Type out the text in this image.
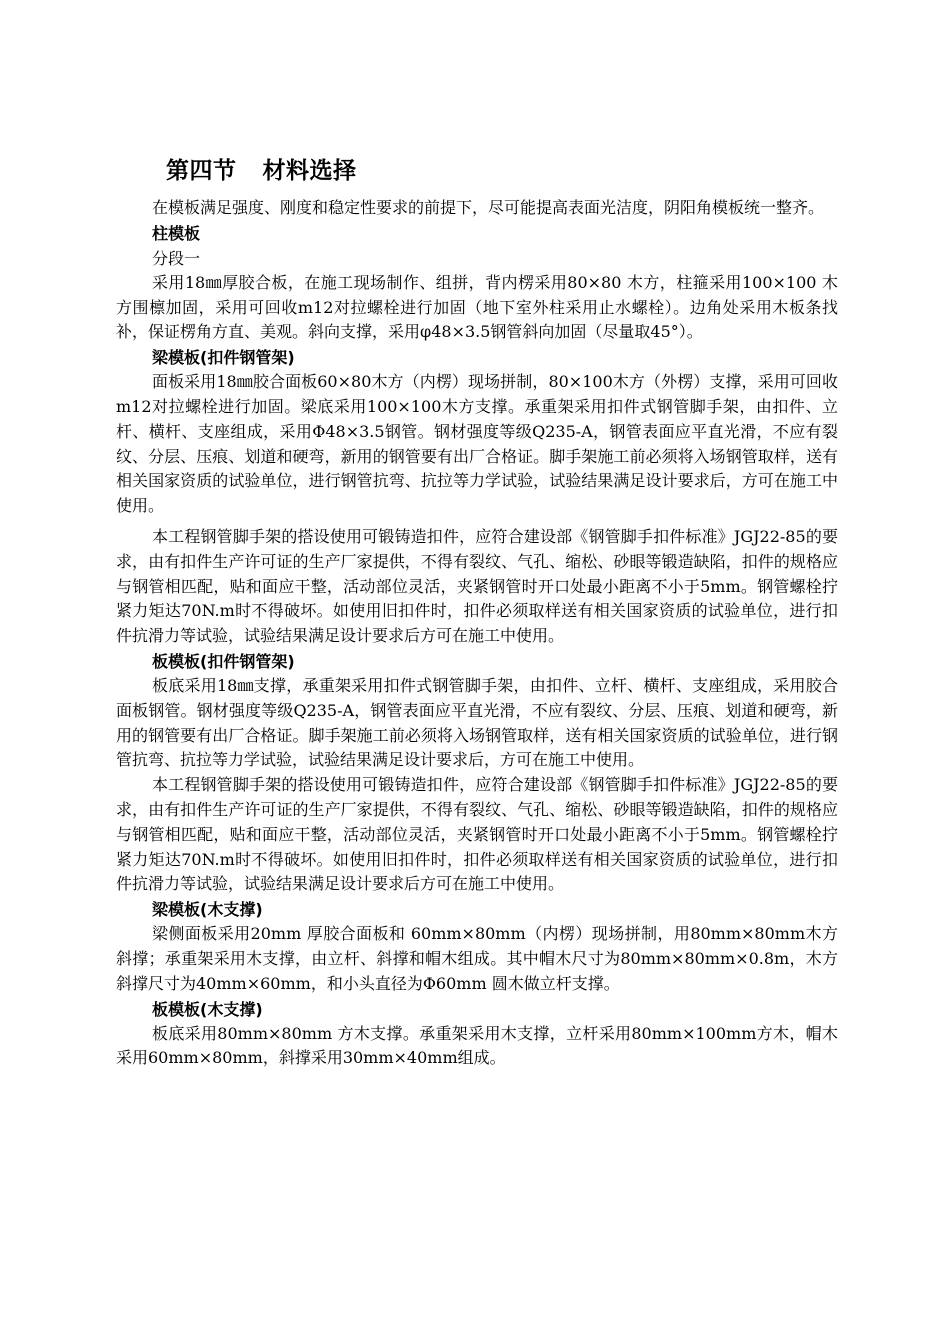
第四节 材料选择

在模板满足强度、刚度和稳定性要求的前提下，尽可能提高表面光洁度，阴阳角模板统一整齐。

柱模板

分段一

采用18㎜厚胶合板，在施工现场制作、组拼，背内楞采用80×80 木方，柱箍采用100×100 木方围檩加固，采用可回收m12对拉螺栓进行加固（地下室外柱采用止水螺栓）。边角处采用木板条找补，保证楞角方直、美观。斜向支撑，采用φ48×3.5钢管斜向加固（尽量取45°）。

梁模板(扣件钢管架)

面板采用18㎜胶合面板60×80木方（内楞）现场拼制，80×100木方（外楞）支撑，采用可回收m12对拉螺栓进行加固。梁底采用100×100木方支撑。承重架采用扣件式钢管脚手架，由扣件、立杆、横杆、支座组成，采用Φ48×3.5钢管。钢材强度等级Q235-A，钢管表面应平直光滑，不应有裂纹、分层、压痕、划道和硬弯，新用的钢管要有出厂合格证。脚手架施工前必须将入场钢管取样，送有相关国家资质的试验单位，进行钢管抗弯、抗拉等力学试验，试验结果满足设计要求后，方可在施工中使用。

本工程钢管脚手架的搭设使用可锻铸造扣件，应符合建设部《钢管脚手扣件标准》JGJ22-85的要求，由有扣件生产许可证的生产厂家提供，不得有裂纹、气孔、缩松、砂眼等锻造缺陷，扣件的规格应与钢管相匹配，贴和面应干整，活动部位灵活，夹紧钢管时开口处最小距离不小于5mm。钢管螺栓拧紧力矩达70N.m时不得破坏。如使用旧扣件时，扣件必须取样送有相关国家资质的试验单位，进行扣件抗滑力等试验，试验结果满足设计要求后方可在施工中使用。

板模板(扣件钢管架)

板底采用18㎜支撑，承重架采用扣件式钢管脚手架，由扣件、立杆、横杆、支座组成，采用胶合面板钢管。钢材强度等级Q235-A，钢管表面应平直光滑，不应有裂纹、分层、压痕、划道和硬弯，新用的钢管要有出厂合格证。脚手架施工前必须将入场钢管取样，送有相关国家资质的试验单位，进行钢管抗弯、抗拉等力学试验，试验结果满足设计要求后，方可在施工中使用。

本工程钢管脚手架的搭设使用可锻铸造扣件，应符合建设部《钢管脚手扣件标准》JGJ22-85的要求，由有扣件生产许可证的生产厂家提供，不得有裂纹、气孔、缩松、砂眼等锻造缺陷，扣件的规格应与钢管相匹配，贴和面应干整，活动部位灵活，夹紧钢管时开口处最小距离不小于5mm。钢管螺栓拧紧力矩达70N.m时不得破坏。如使用旧扣件时，扣件必须取样送有相关国家资质的试验单位，进行扣件抗滑力等试验，试验结果满足设计要求后方可在施工中使用。

梁模板(木支撑)

梁侧面板采用20mm 厚胶合面板和 60mm×80mm（内楞）现场拼制，用80mm×80mm木方斜撑；承重架采用木支撑，由立杆、斜撑和帽木组成。其中帽木尺寸为80mm×80mm×0.8m，木方斜撑尺寸为40mm×60mm，和小头直径为Φ60mm 圆木做立杆支撑。

板模板(木支撑)

板底采用80mm×80mm 方木支撑。承重架采用木支撑，立杆采用80mm×100mm方木，帽木采用60mm×80mm，斜撑采用30mm×40mm组成。
